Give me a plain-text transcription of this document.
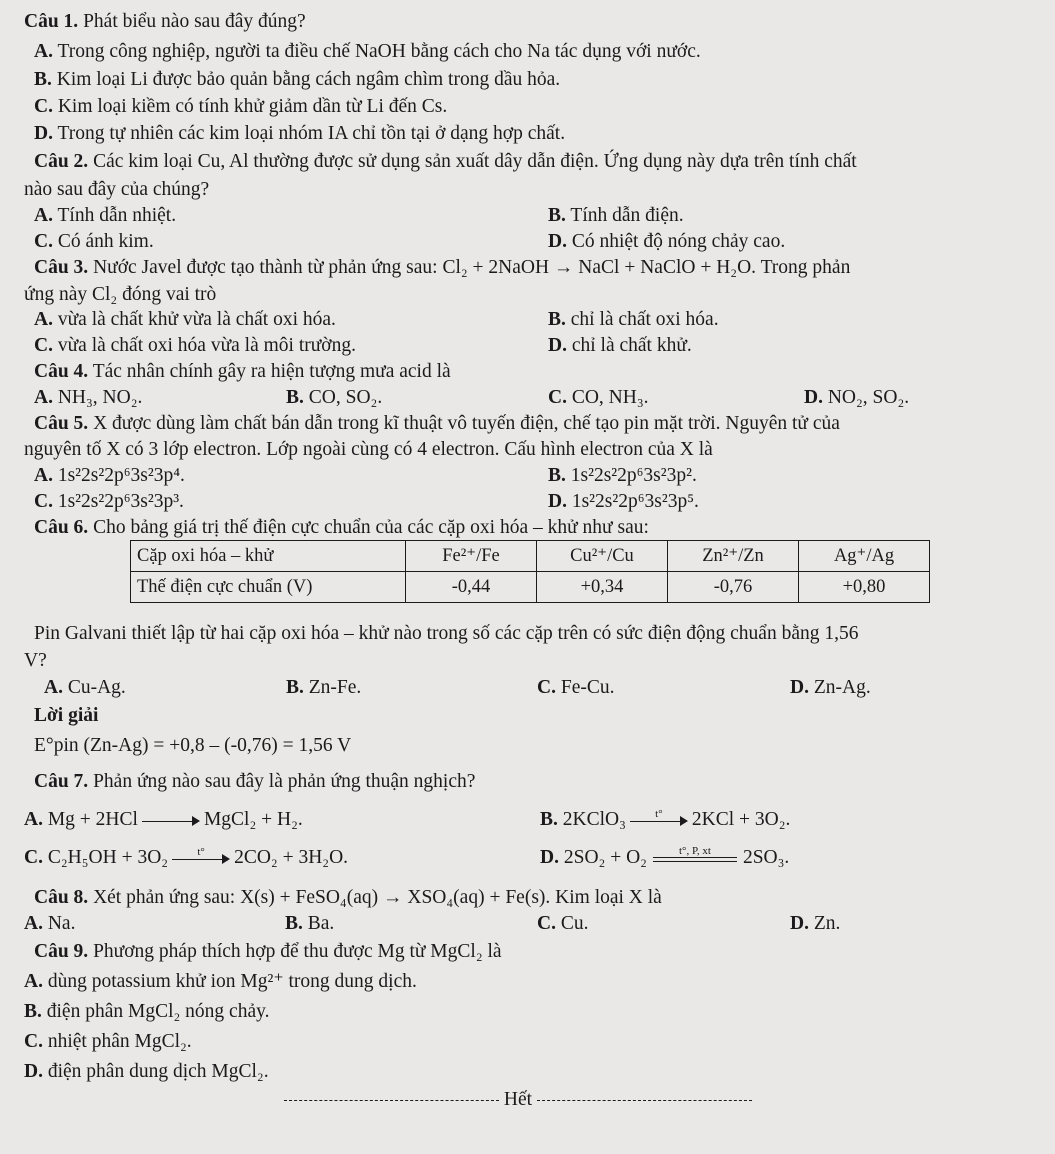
Câu 1. Phát biểu nào sau đây đúng?
A. Trong công nghiệp, người ta điều chế NaOH bằng cách cho Na tác dụng với nước.
B. Kim loại Li được bảo quản bằng cách ngâm chìm trong dầu hỏa.
C. Kim loại kiềm có tính khử giảm dần từ Li đến Cs.
D. Trong tự nhiên các kim loại nhóm IA chỉ tồn tại ở dạng hợp chất.
Câu 2. Các kim loại Cu, Al thường được sử dụng sản xuất dây dẫn điện. Ứng dụng này dựa trên tính chất
nào sau đây của chúng?
A. Tính dẫn nhiệt.	B. Tính dẫn điện.
C. Có ánh kim.	D. Có nhiệt độ nóng chảy cao.
Câu 3. Nước Javel được tạo thành từ phản ứng sau: Cl₂ + 2NaOH → NaCl + NaClO + H₂O. Trong phản
ứng này Cl₂ đóng vai trò
A. vừa là chất khử vừa là chất oxi hóa.	B. chỉ là chất oxi hóa.
C. vừa là chất oxi hóa vừa là môi trường.	D. chỉ là chất khử.
Câu 4. Tác nhân chính gây ra hiện tượng mưa acid là
A. NH₃, NO₂.	B. CO, SO₂.	C. CO, NH₃.	D. NO₂, SO₂.
Câu 5. X được dùng làm chất bán dẫn trong kĩ thuật vô tuyến điện, chế tạo pin mặt trời. Nguyên tử của
nguyên tố X có 3 lớp electron. Lớp ngoài cùng có 4 electron. Cấu hình electron của X là
A. 1s²2s²2p⁶3s²3p⁴.	B. 1s²2s²2p⁶3s²3p².
C. 1s²2s²2p⁶3s²3p³.	D. 1s²2s²2p⁶3s²3p⁵.
Câu 6. Cho bảng giá trị thế điện cực chuẩn của các cặp oxi hóa – khử như sau:
Cặp oxi hóa – khử	Fe²⁺/Fe	Cu²⁺/Cu	Zn²⁺/Zn	Ag⁺/Ag
Thế điện cực chuẩn (V)	-0,44	+0,34	-0,76	+0,80
Pin Galvani thiết lập từ hai cặp oxi hóa – khử nào trong số các cặp trên có sức điện động chuẩn bằng 1,56
V?
A. Cu-Ag.	B. Zn-Fe.	C. Fe-Cu.	D. Zn-Ag.
Lời giải
E°pin (Zn-Ag) = +0,8 – (-0,76) = 1,56 V
Câu 7. Phản ứng nào sau đây là phản ứng thuận nghịch?
A. Mg + 2HCl	MgCl₂ + H₂.	B. 2KClO₃	t°	2KCl + 3O₂.
C. C₂H₅OH + 3O₂	t°	2CO₂ + 3H₂O.	D. 2SO₂ + O₂	t°, P, xt	2SO₃.
Câu 8. Xét phản ứng sau: X(s) + FeSO₄(aq) → XSO₄(aq) + Fe(s). Kim loại X là
A. Na.	B. Ba.	C. Cu.	D. Zn.
Câu 9. Phương pháp thích hợp để thu được Mg từ MgCl₂ là
A. dùng potassium khử ion Mg²⁺ trong dung dịch.
B. điện phân MgCl₂ nóng chảy.
C. nhiệt phân MgCl₂.
D. điện phân dung dịch MgCl₂.
Hết
